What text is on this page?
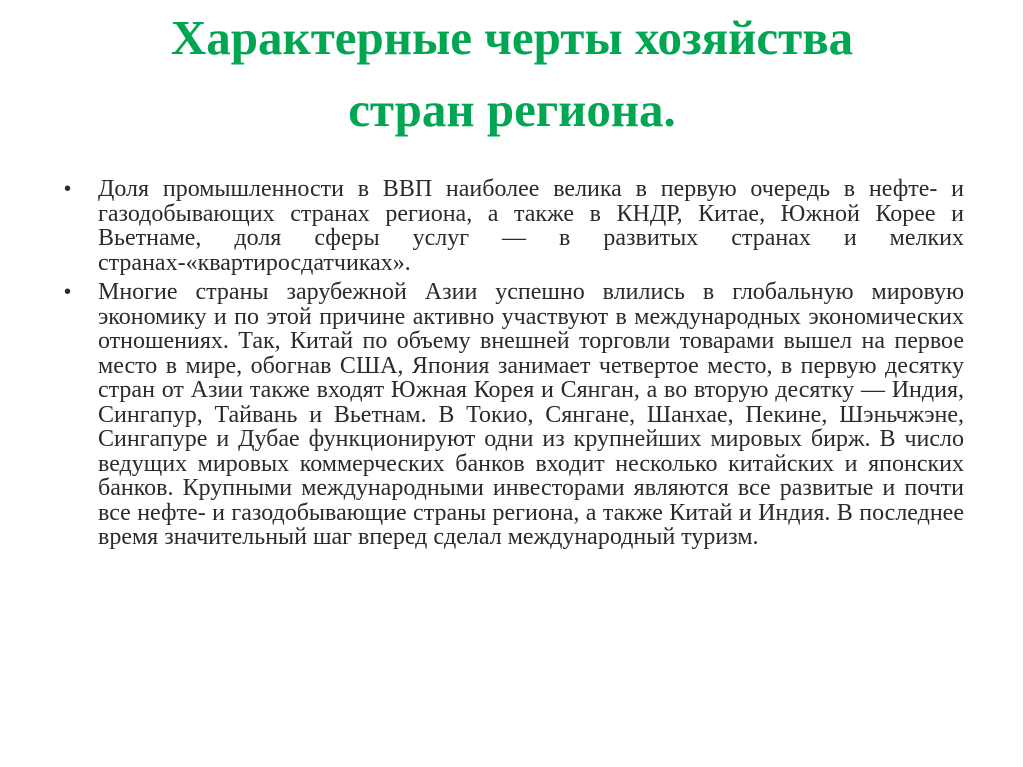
Характерные черты хозяйства
стран региона.
• Доля промышленности в ВВП наиболее велика в первую очередь в нефте- и газодобывающих странах региона, а также в КНДР, Китае, Южной Корее и Вьетнаме, доля сферы услуг — в развитых странах и мелких странах-«квартиросдатчиках».
• Многие страны зарубежной Азии успешно влились в глобальную мировую экономику и по этой причине активно участвуют в международных экономических отношениях. Так, Китай по объему внешней торговли товарами вышел на первое место в мире, обогнав США, Япония занимает четвертое место, в первую десятку стран от Азии также входят Южная Корея и Сянган, а во вторую десятку — Индия, Сингапур, Тайвань и Вьетнам. В Токио, Сянгане, Шанхае, Пекине, Шэньчжэне, Сингапуре и Дубае функционируют одни из крупнейших мировых бирж. В число ведущих мировых коммерческих банков входит несколько китайских и японских банков. Крупными международными инвесторами являются все развитые и почти все нефте- и газодобывающие страны региона, а также Китай и Индия. В последнее время значительный шаг вперед сделал международный туризм.
